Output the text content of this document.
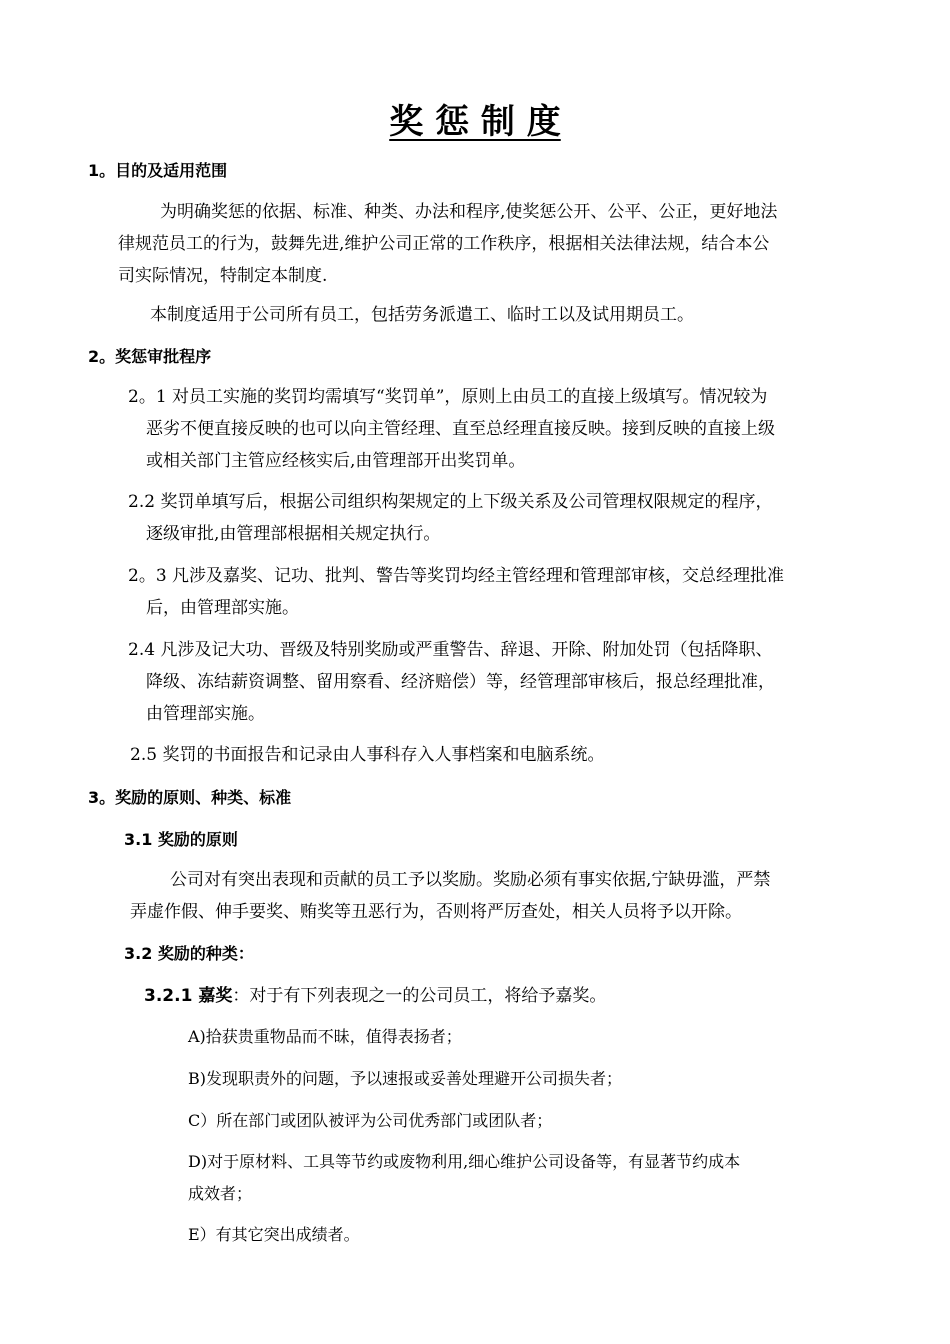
奖 惩 制 度
1。目的及适用范围
为明确奖惩的依据、标准、种类、办法和程序,使奖惩公开、公平、公正，更好地法
律规范员工的行为，鼓舞先进,维护公司正常的工作秩序，根据相关法律法规，结合本公
司实际情况，特制定本制度.
本制度适用于公司所有员工，包括劳务派遣工、临时工以及试用期员工。
2。奖惩审批程序
2。1 对员工实施的奖罚均需填写“奖罚单”，原则上由员工的直接上级填写。情况较为
恶劣不便直接反映的也可以向主管经理、直至总经理直接反映。接到反映的直接上级
或相关部门主管应经核实后,由管理部开出奖罚单。
2.2 奖罚单填写后，根据公司组织构架规定的上下级关系及公司管理权限规定的程序，
逐级审批,由管理部根据相关规定执行。
2。3 凡涉及嘉奖、记功、批判、警告等奖罚均经主管经理和管理部审核，交总经理批准
后，由管理部实施。
2.4 凡涉及记大功、晋级及特别奖励或严重警告、辞退、开除、附加处罚（包括降职、
降级、冻结薪资调整、留用察看、经济赔偿）等，经管理部审核后，报总经理批准，
由管理部实施。
2.5 奖罚的书面报告和记录由人事科存入人事档案和电脑系统。
3。奖励的原则、种类、标准
3.1 奖励的原则
公司对有突出表现和贡献的员工予以奖励。奖励必须有事实依据,宁缺毋滥，严禁
弄虚作假、伸手要奖、贿奖等丑恶行为，否则将严厉查处，相关人员将予以开除。
3.2 奖励的种类：
3.2.1 嘉奖：对于有下列表现之一的公司员工，将给予嘉奖。
A)拾获贵重物品而不昧，值得表扬者；
B)发现职责外的问题，予以速报或妥善处理避开公司损失者；
C）所在部门或团队被评为公司优秀部门或团队者；
D)对于原材料、工具等节约或废物利用,细心维护公司设备等，有显著节约成本
成效者；
E）有其它突出成绩者。
